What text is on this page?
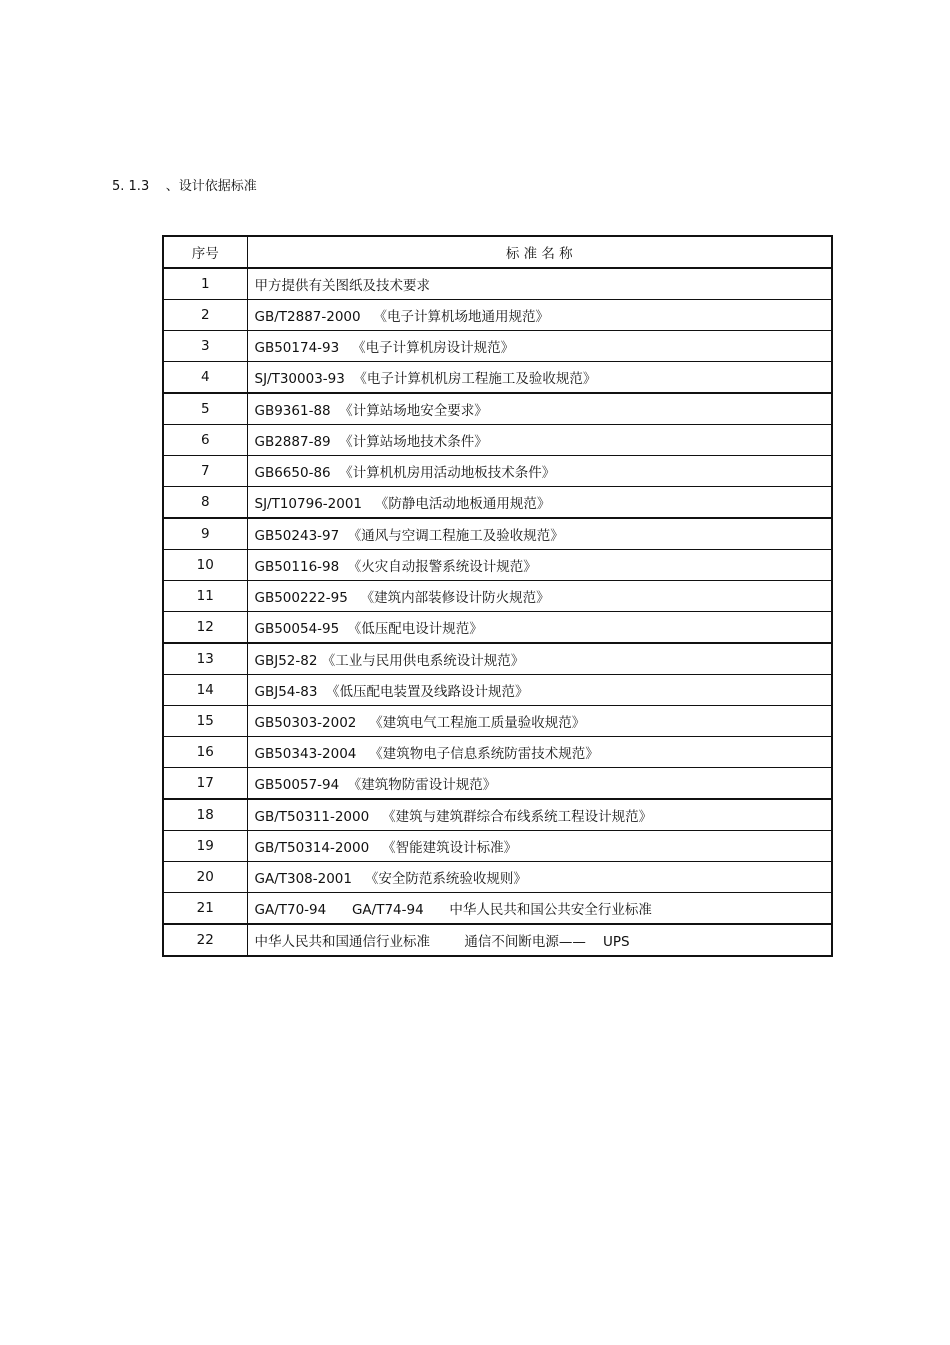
5. 1.3    、设计依据标准
序号	标 准 名 称
1	甲方提供有关图纸及技术要求
2	GB/T2887-2000   《电子计算机场地通用规范》
3	GB50174-93   《电子计算机房设计规范》
4	SJ/T30003-93  《电子计算机机房工程施工及验收规范》
5	GB9361-88  《计算站场地安全要求》
6	GB2887-89  《计算站场地技术条件》
7	GB6650-86  《计算机机房用活动地板技术条件》
8	SJ/T10796-2001   《防静电活动地板通用规范》
9	GB50243-97  《通风与空调工程施工及验收规范》
10	GB50116-98  《火灾自动报警系统设计规范》
11	GB500222-95   《建筑内部装修设计防火规范》
12	GB50054-95  《低压配电设计规范》
13	GBJ52-82 《工业与民用供电系统设计规范》
14	GBJ54-83  《低压配电装置及线路设计规范》
15	GB50303-2002   《建筑电气工程施工质量验收规范》
16	GB50343-2004   《建筑物电子信息系统防雷技术规范》
17	GB50057-94  《建筑物防雷设计规范》
18	GB/T50311-2000   《建筑与建筑群综合布线系统工程设计规范》
19	GB/T50314-2000   《智能建筑设计标准》
20	GA/T308-2001   《安全防范系统验收规则》
21	GA/T70-94      GA/T74-94      中华人民共和国公共安全行业标准
22	中华人民共和国通信行业标准        通信不间断电源——    UPS
